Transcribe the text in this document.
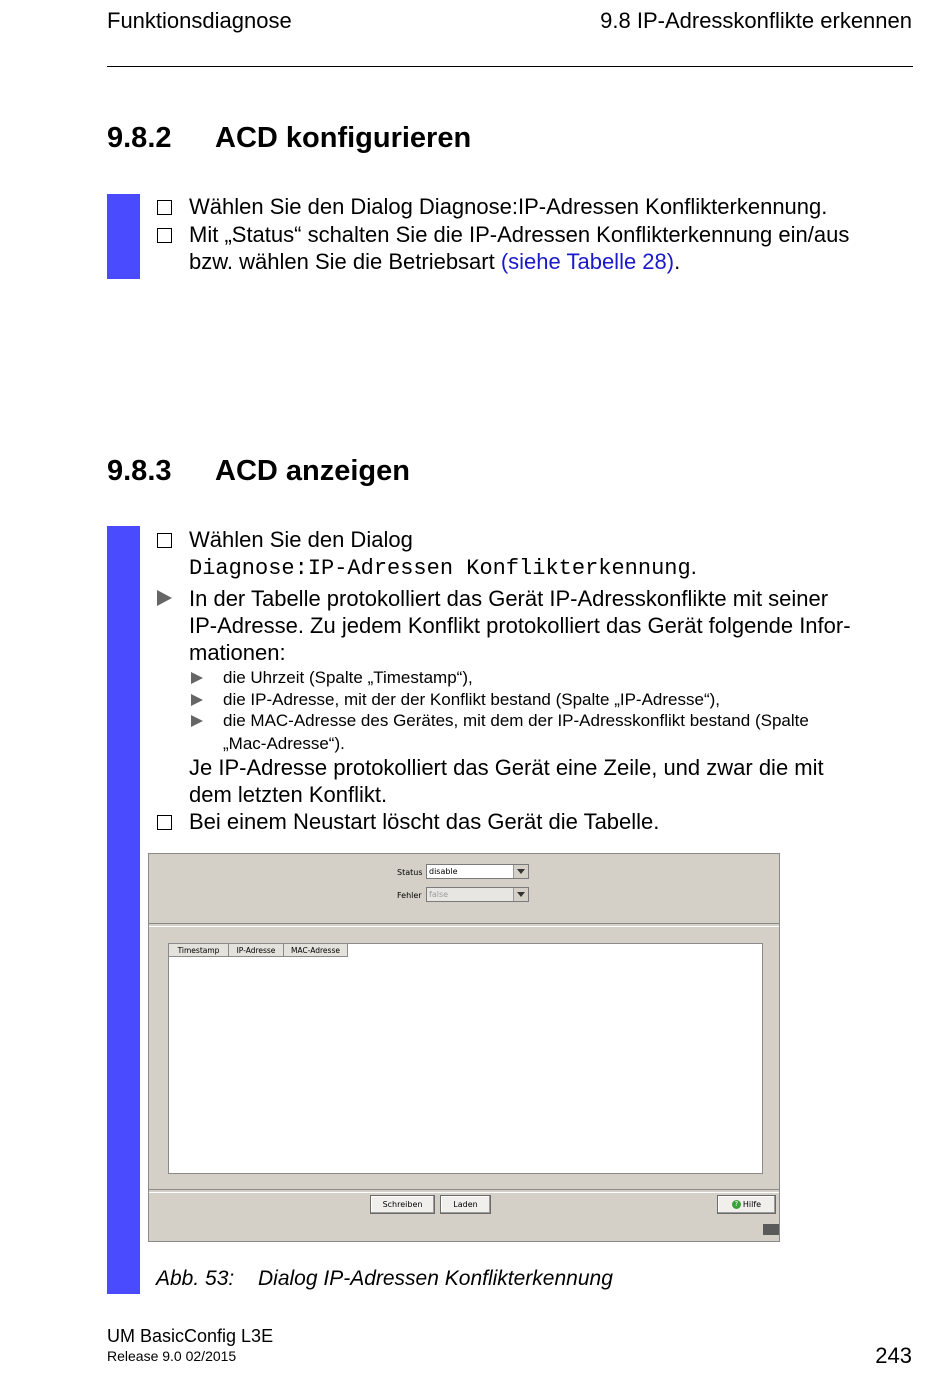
Funktionsdiagnose	9.8 IP-Adresskonflikte erkennen
9.8.2 ACD konfigurieren
Wählen Sie den Dialog Diagnose:IP-Adressen Konflikterkennung.
Mit „Status“ schalten Sie die IP-Adressen Konflikterkennung ein/aus
bzw. wählen Sie die Betriebsart (siehe Tabelle 28).
9.8.3 ACD anzeigen
Wählen Sie den Dialog
Diagnose:IP-Adressen Konflikterkennung.
In der Tabelle protokolliert das Gerät IP-Adresskonflikte mit seiner
IP-Adresse. Zu jedem Konflikt protokolliert das Gerät folgende Infor-
mationen:
die Uhrzeit (Spalte „Timestamp“),
die IP-Adresse, mit der der Konflikt bestand (Spalte „IP-Adresse“),
die MAC-Adresse des Gerätes, mit dem der IP-Adresskonflikt bestand (Spalte
„Mac-Adresse“).
Je IP-Adresse protokolliert das Gerät eine Zeile, und zwar die mit
dem letzten Konflikt.
Bei einem Neustart löscht das Gerät die Tabelle.
Status disable
Fehler false
Timestamp	IP-Adresse	MAC-Adresse
Schreiben	Laden	? Hilfe
Abb. 53: Dialog IP-Adressen Konflikterkennung
UM BasicConfig L3E
Release 9.0 02/2015	243
